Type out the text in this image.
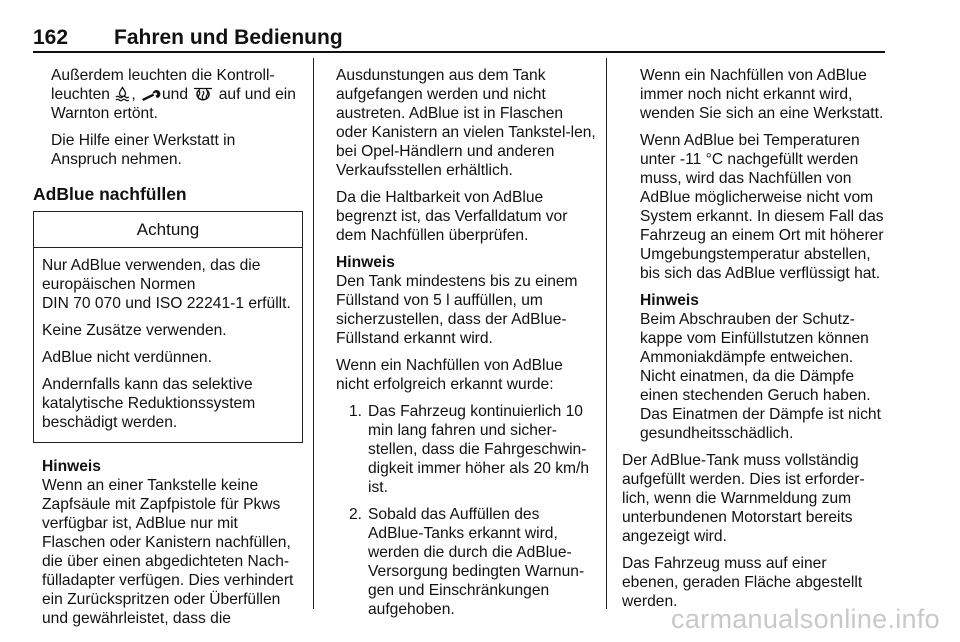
162 Fahren und Bedienung

Außerdem leuchten die Kontroll-
leuchten , und auf und ein Warnton ertönt.

Die Hilfe einer Werkstatt in Anspruch nehmen.

AdBlue nachfüllen
Achtung

Nur AdBlue verwenden, das die europäischen Normen
DIN 70 070 und ISO 22241-1 erfüllt.

Keine Zusätze verwenden.

AdBlue nicht verdünnen.

Andernfalls kann das selektive katalytische Reduktionssystem beschädigt werden.

Hinweis
Wenn an einer Tankstelle keine Zapfsäule mit Zapfpistole für Pkws verfügbar ist, AdBlue nur mit Flaschen oder Kanistern nachfüllen, die über einen abgedichteten Nach-fülladapter verfügen. Dies verhindert ein Zurückspritzen oder Überfüllen und gewährleistet, dass die

Ausdunstungen aus dem Tank aufgefangen werden und nicht austreten. AdBlue ist in Flaschen oder Kanistern an vielen Tankstel-len, bei Opel-Händlern und anderen Verkaufsstellen erhältlich.

Da die Haltbarkeit von AdBlue begrenzt ist, das Verfalldatum vor dem Nachfüllen überprüfen.

Hinweis
Den Tank mindestens bis zu einem Füllstand von 5 l auffüllen, um sicherzustellen, dass der AdBlue-Füllstand erkannt wird.

Wenn ein Nachfüllen von AdBlue nicht erfolgreich erkannt wurde:

1. Das Fahrzeug kontinuierlich 10 min lang fahren und sicher-stellen, dass die Fahrgeschwin-digkeit immer höher als 20 km/h ist.
2. Sobald das Auffüllen des AdBlue-Tanks erkannt wird, werden die durch die AdBlue-Versorgung bedingten Warnun-gen und Einschränkungen aufgehoben.

Wenn ein Nachfüllen von AdBlue immer noch nicht erkannt wird, wenden Sie sich an eine Werkstatt.

Wenn AdBlue bei Temperaturen unter -11 °C nachgefüllt werden muss, wird das Nachfüllen von AdBlue möglicherweise nicht vom System erkannt. In diesem Fall das Fahrzeug an einem Ort mit höherer Umgebungstemperatur abstellen, bis sich das AdBlue verflüssigt hat.

Hinweis
Beim Abschrauben der Schutz-kappe vom Einfüllstutzen können Ammoniakdämpfe entweichen. Nicht einatmen, da die Dämpfe einen stechenden Geruch haben. Das Einatmen der Dämpfe ist nicht gesundheitsschädlich.

Der AdBlue-Tank muss vollständig aufgefüllt werden. Dies ist erforder-lich, wenn die Warnmeldung zum unterbundenen Motorstart bereits angezeigt wird.

Das Fahrzeug muss auf einer ebenen, geraden Fläche abgestellt werden.

carmanualsonline.info
